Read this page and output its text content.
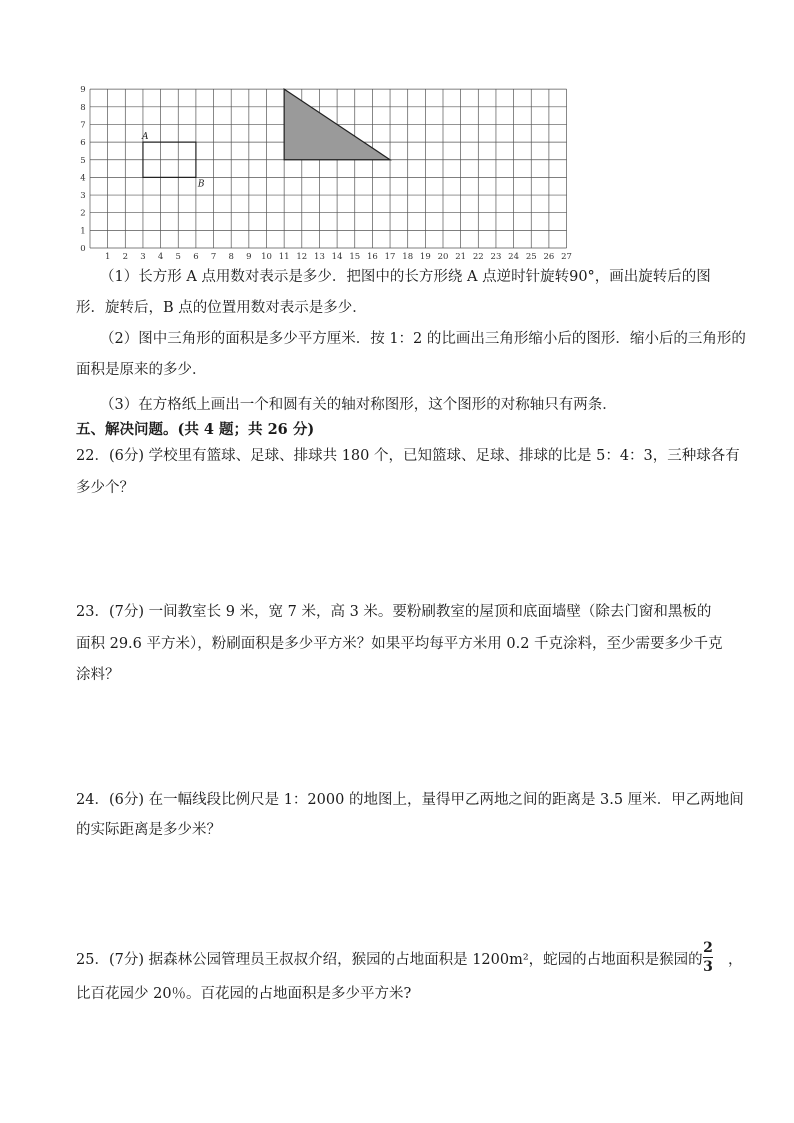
1 2 3 4 5 6 7 8 9 10 11 12 13 14 15 16 17 18 19 20 21 22 23 24 25 26 27
0
1
2
3
4
5
6
7
8
9
A
B
（1）长方形 A 点用数对表示是多少．把图中的长方形绕 A 点逆时针旋转90°，画出旋转后的图
形．旋转后，B 点的位置用数对表示是多少．
（2）图中三角形的面积是多少平方厘米．按 1：2 的比画出三角形缩小后的图形．缩小后的三角形的
面积是原来的多少．
（3）在方格纸上画出一个和圆有关的轴对称图形，这个图形的对称轴只有两条．
五、解决问题。(共 4 题；共 26 分)
22．(6分) 学校里有篮球、足球、排球共 180 个，已知篮球、足球、排球的比是 5：4：3，三种球各有
多少个？
23．(7分) 一间教室长 9 米，宽 7 米，高 3 米。要粉刷教室的屋顶和底面墙壁（除去门窗和黑板的
面积 29.6 平方米），粉刷面积是多少平方米？如果平均每平方米用 0.2 千克涂料，至少需要多少千克
涂料？
24．(6分) 在一幅线段比例尺是 1：2000 的地图上，量得甲乙两地之间的距离是 3.5 厘米．甲乙两地间
的实际距离是多少米？
25．(7分) 据森林公园管理员王叔叔介绍，猴园的占地面积是 1200m²，蛇园的占地面积是猴园的
2
3 ，
比百花园少 20％。百花园的占地面积是多少平方米?
